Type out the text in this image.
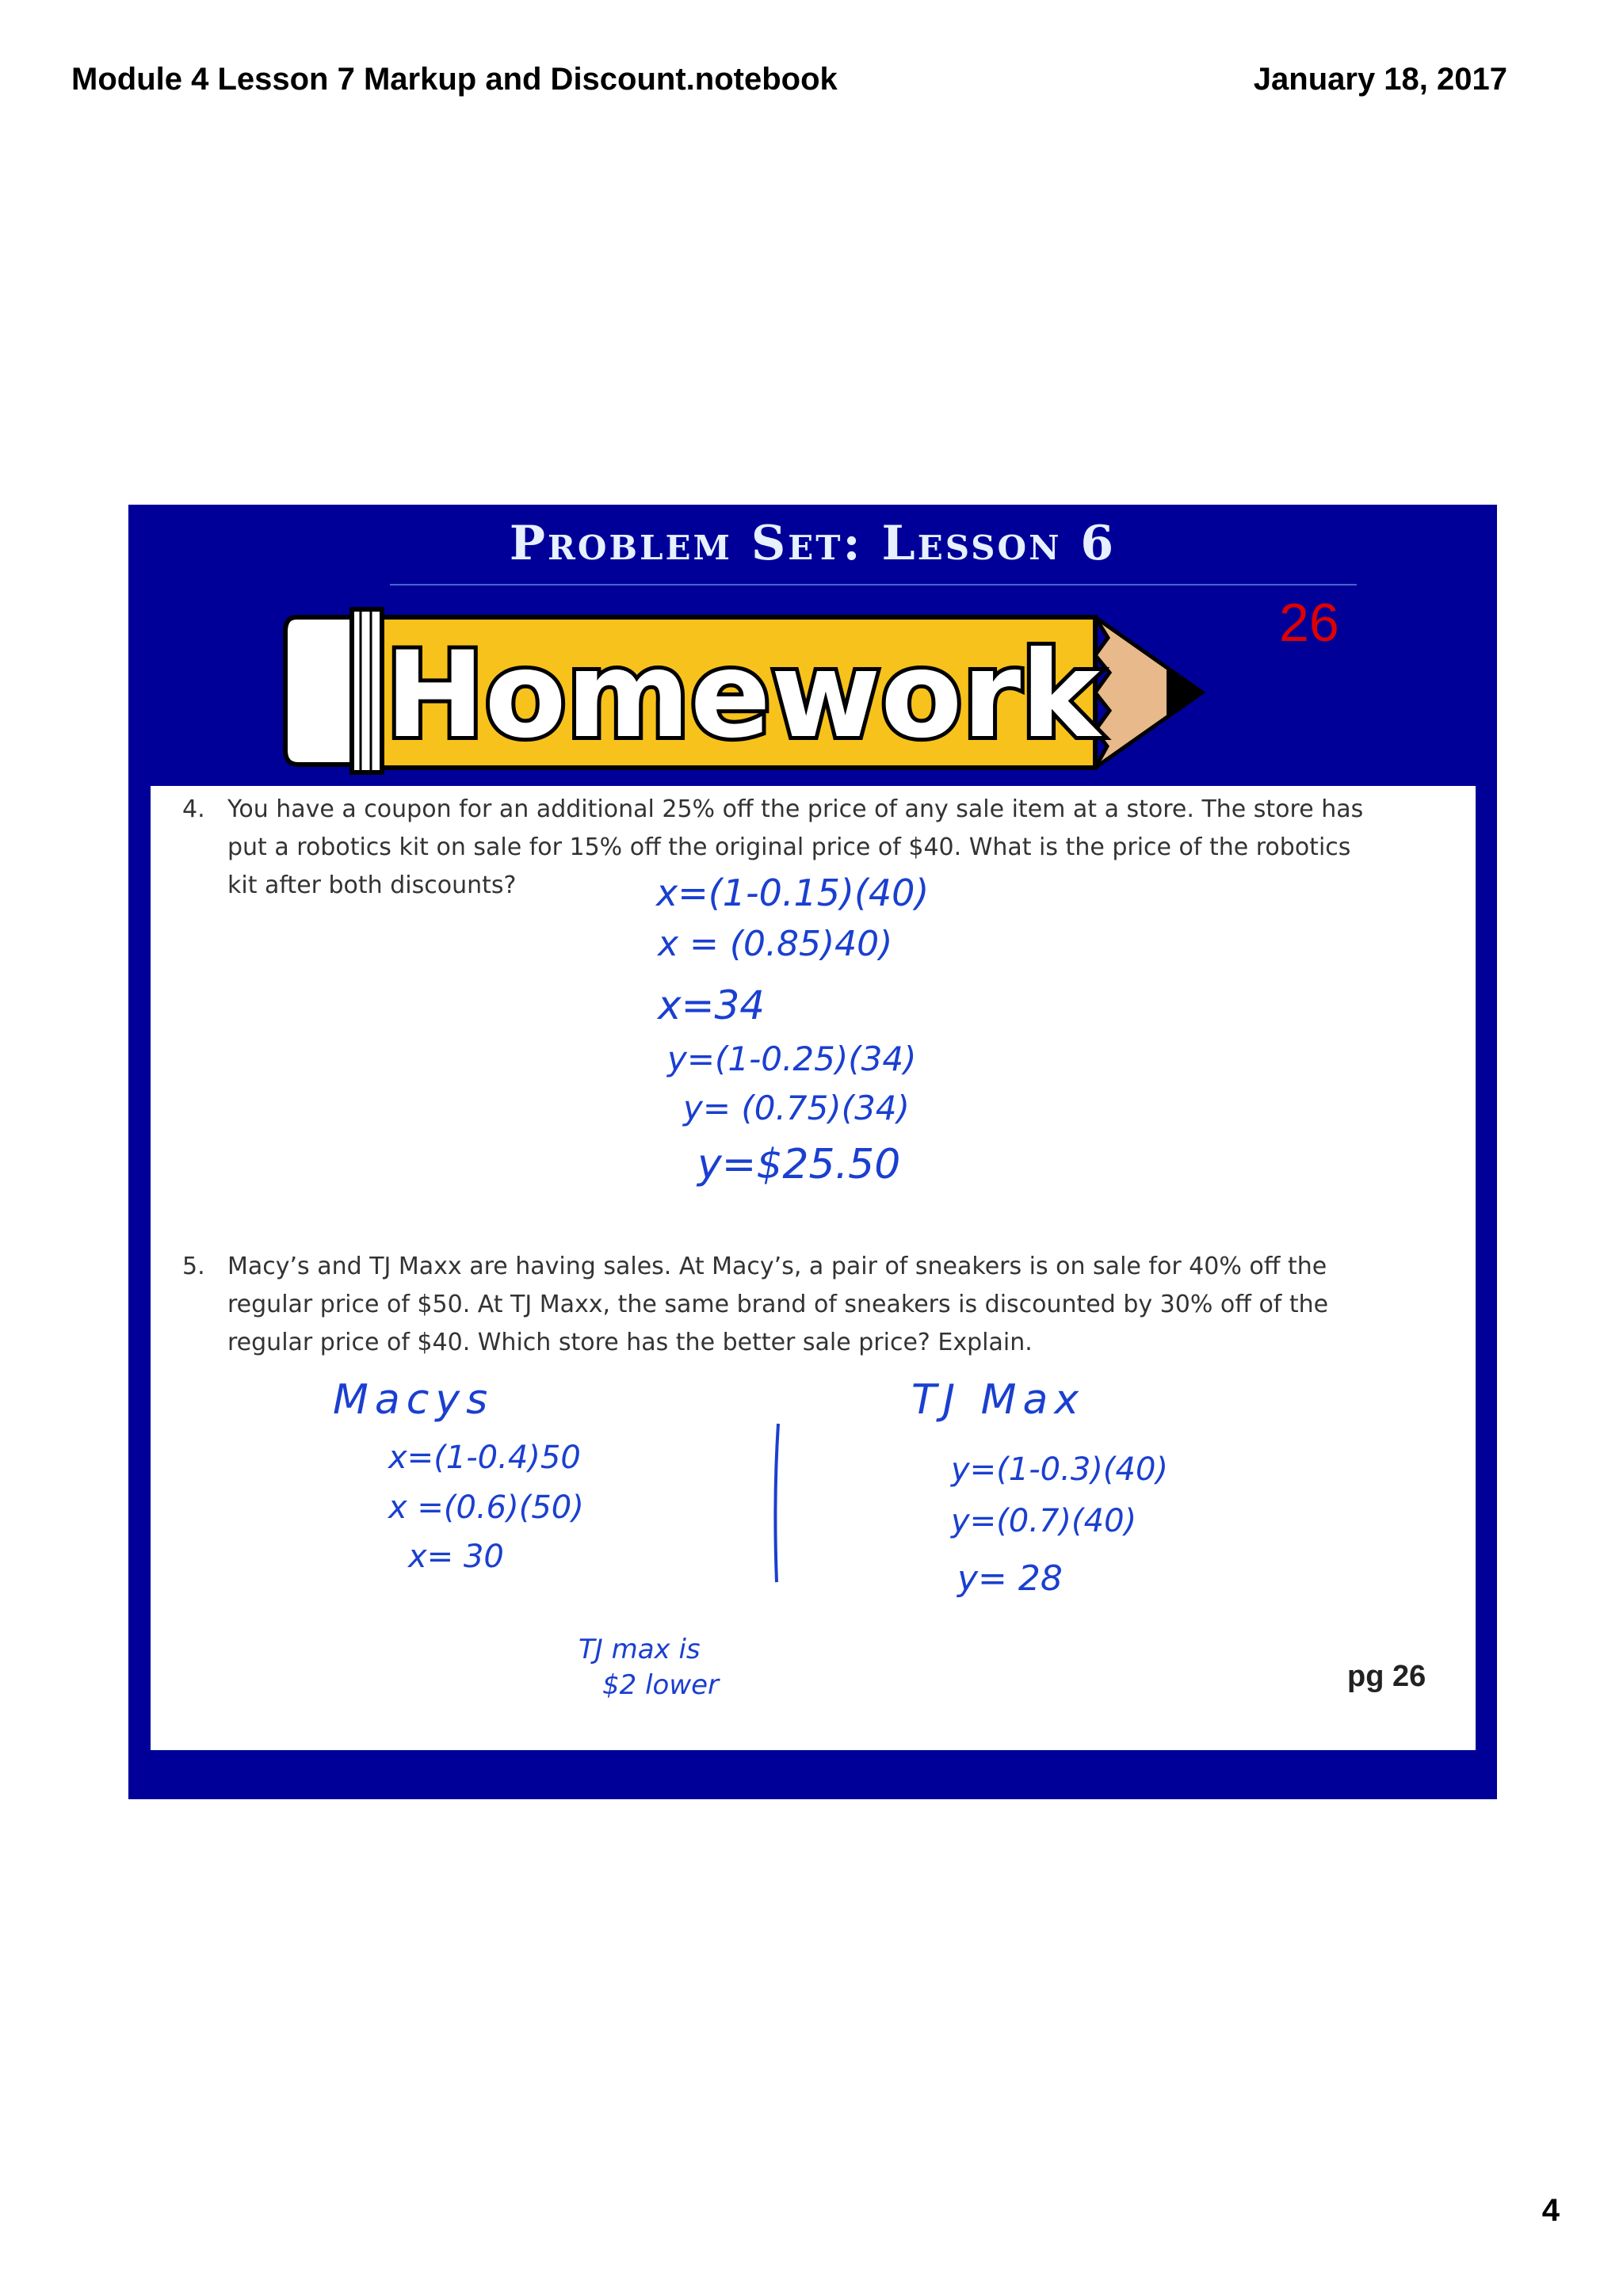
Module 4 Lesson 7 Markup and Discount.notebook	January 18, 2017
Problem Set: Lesson 6
Homework
26
4. You have a coupon for an additional 25% off the price of any sale item at a store. The store has
put a robotics kit on sale for 15% off the original price of $40. What is the price of the robotics
kit after both discounts?	x=(1-0.15)(40)
x = (0.85)40)
x=34
y=(1-0.25)(34)
y= (0.75)(34)
y=$25.50
5. Macy’s and TJ Maxx are having sales. At Macy’s, a pair of sneakers is on sale for 40% off the
regular price of $50. At TJ Maxx, the same brand of sneakers is discounted by 30% off of the
regular price of $40. Which store has the better sale price? Explain.
Macys
x=(1-0.4)50
x =(0.6)(50)
x= 30
TJ Max
y=(1-0.3)(40)
y=(0.7)(40)
y= 28
TJ max is
$2 lower	pg 26
4
